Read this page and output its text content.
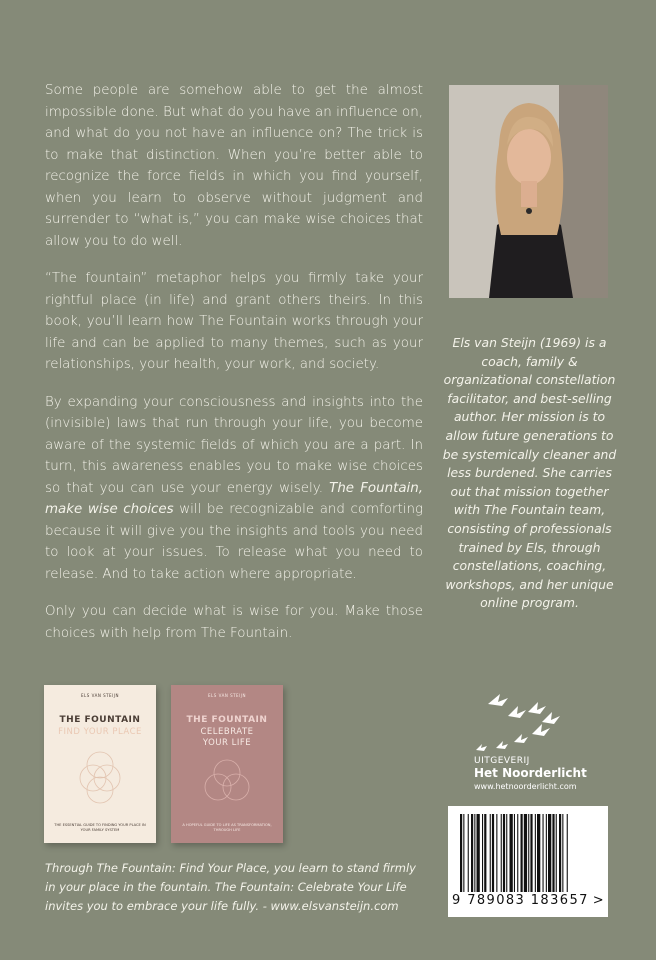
Some people are somehow able to get the almost impossible done. But what do you have an influence on, and what do you not have an influence on? The trick is to make that distinction. When you’re better able to recognize the force fields in which you find yourself, when you learn to observe without judgment and surrender to “what is,” you can make wise choices that allow you to do well.

“The fountain” metaphor helps you firmly take your rightful place (in life) and grant others theirs. In this book, you’ll learn how The Fountain works through your life and can be applied to many themes, such as your relationships, your health, your work, and society.

By expanding your consciousness and insights into the (invisible) laws that run through your life, you become aware of the systemic fields of which you are a part. In turn, this awareness enables you to make wise choices so that you can use your energy wisely. The Fountain, make wise choices will be recognizable and comforting because it will give you the insights and tools you need to look at your issues. To release what you need to release. And to take action where appropriate.

Only you can decide what is wise for you. Make those choices with help from The Fountain.

Els van Steijn (1969) is a coach, family & organizational constellation facilitator, and best-selling author. Her mission is to allow future generations to be systemically cleaner and less burdened. She carries out that mission together with The Fountain team, consisting of professionals trained by Els, through constellations, coaching, workshops, and her unique online program.
ELS VAN STEIJN
THE FOUNTAIN
FIND YOUR PLACE
THE ESSENTIAL GUIDE TO FINDING YOUR PLACE IN YOUR FAMILY SYSTEM
ELS VAN STEIJN
THE FOUNTAIN
CELEBRATE
YOUR LIFE
A HOPEFUL GUIDE TO LIFE AS TRANSFORMATION, THROUGH LIFE
Through The Fountain: Find Your Place, you learn to stand firmly in your place in the fountain. The Fountain: Celebrate Your Life invites you to embrace your life fully. - www.elsvansteijn.com
UITGEVERIJ
Het Noorderlicht
www.hetnoorderlicht.com
9 789083 183657 >
